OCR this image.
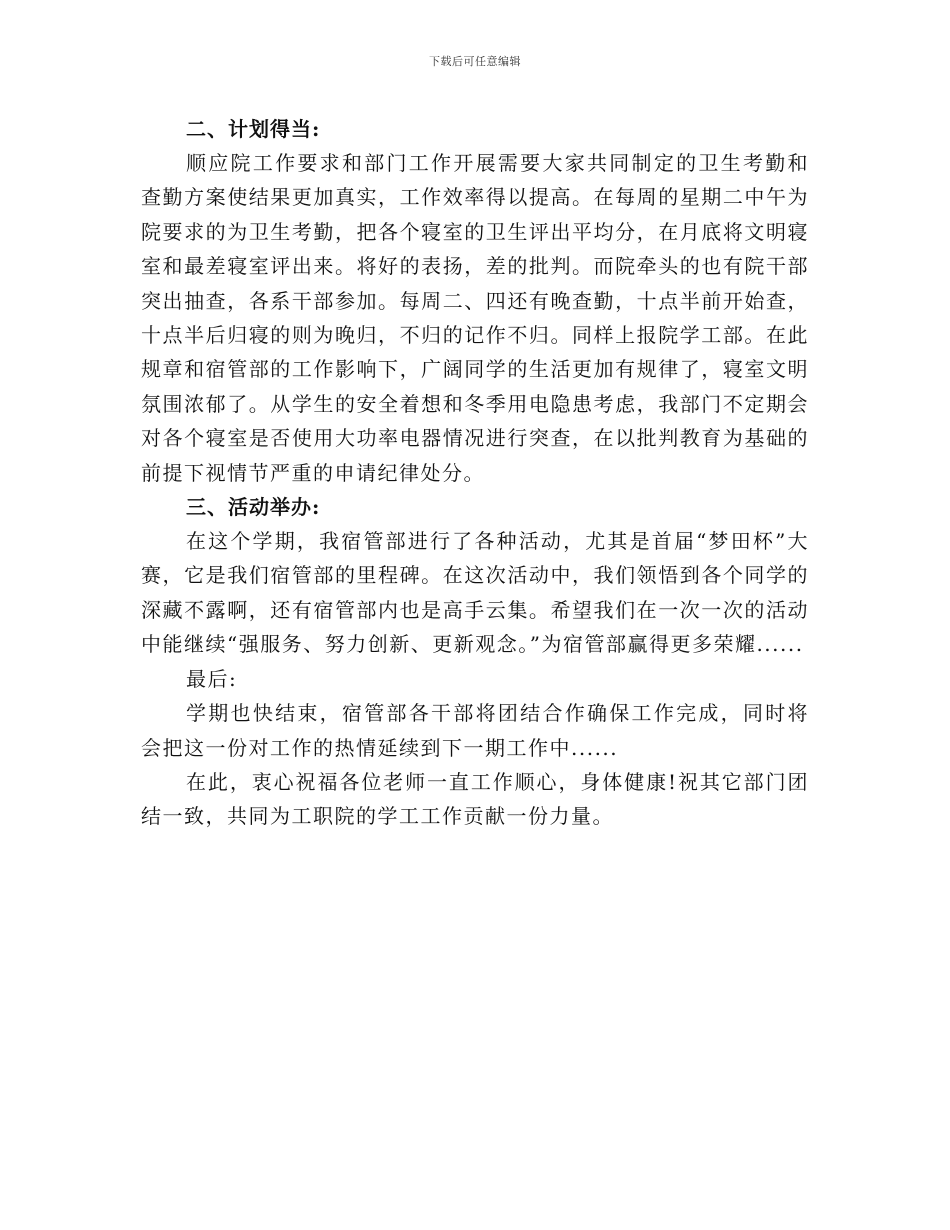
下载后可任意编辑

二、计划得当:

顺应院工作要求和部门工作开展需要大家共同制定的卫生考勤和查勤方案使结果更加真实，工作效率得以提高。在每周的星期二中午为院要求的为卫生考勤，把各个寝室的卫生评出平均分，在月底将文明寝室和最差寝室评出来。将好的表扬，差的批判。而院牵头的也有院干部突出抽查，各系干部参加。每周二、四还有晚查勤，十点半前开始查，十点半后归寝的则为晚归，不归的记作不归。同样上报院学工部。在此规章和宿管部的工作影响下，广阔同学的生活更加有规律了，寝室文明氛围浓郁了。从学生的安全着想和冬季用电隐患考虑，我部门不定期会对各个寝室是否使用大功率电器情况进行突查，在以批判教育为基础的前提下视情节严重的申请纪律处分。

三、活动举办:

在这个学期，我宿管部进行了各种活动，尤其是首届“梦田杯”大赛，它是我们宿管部的里程碑。在这次活动中，我们领悟到各个同学的深藏不露啊，还有宿管部内也是高手云集。希望我们在一次一次的活动中能继续“强服务、努力创新、更新观念。”为宿管部赢得更多荣耀......

最后:

学期也快结束，宿管部各干部将团结合作确保工作完成，同时将会把这一份对工作的热情延续到下一期工作中......

在此，衷心祝福各位老师一直工作顺心，身体健康!祝其它部门团结一致，共同为工职院的学工工作贡献一份力量。
